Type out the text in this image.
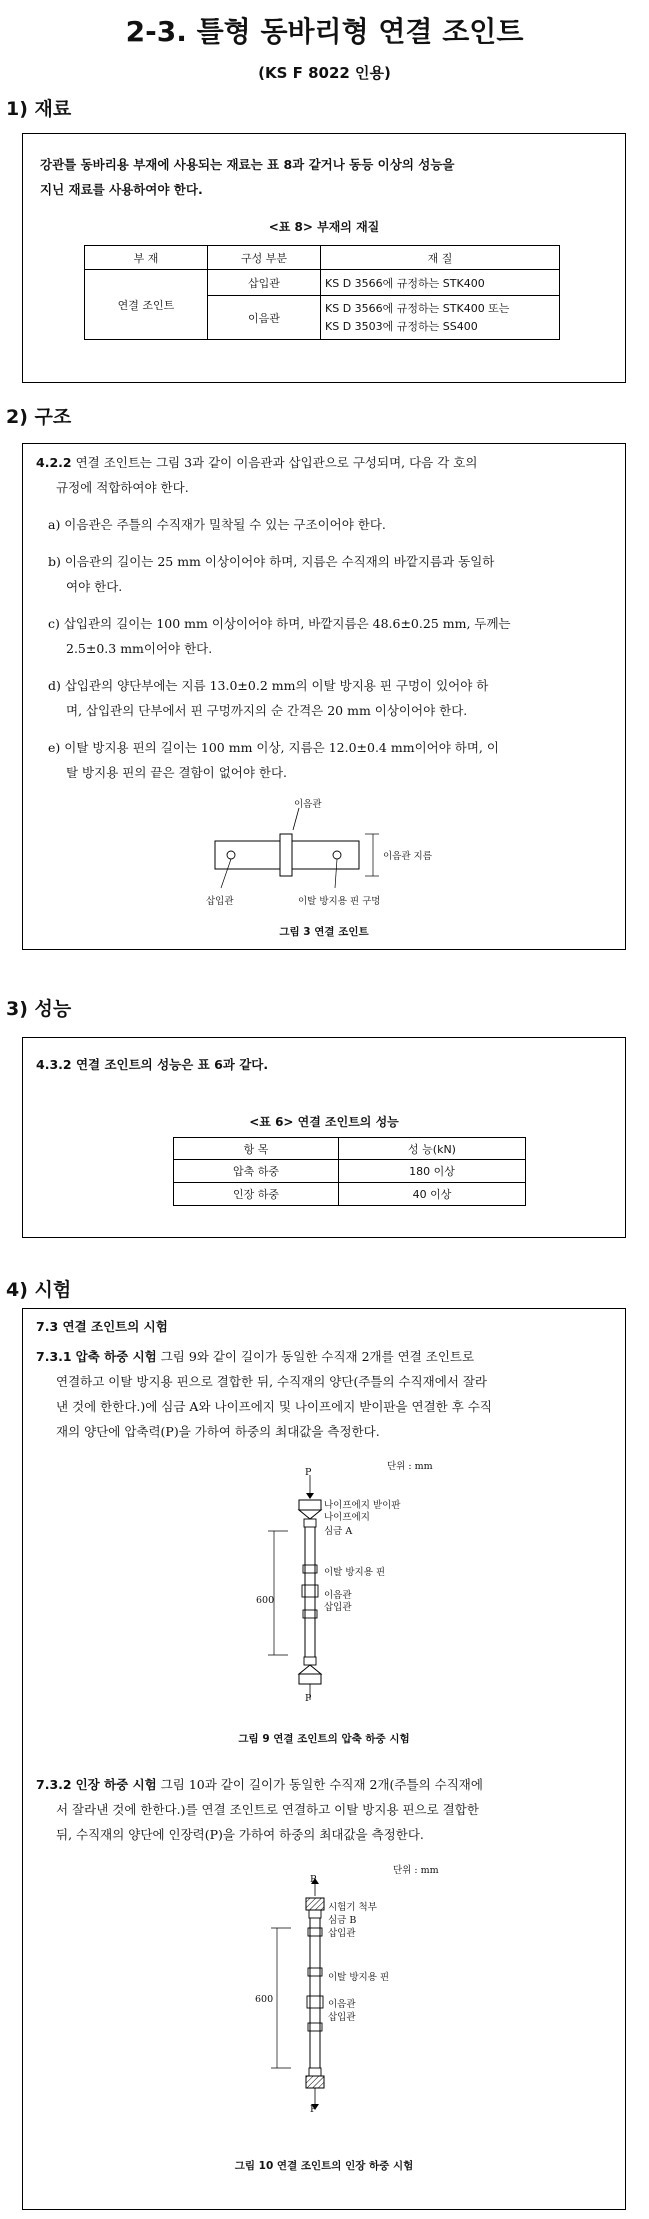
2-3. 틀형 동바리형 연결 조인트
(KS F 8022 인용)
1) 재료
강관틀 동바리용 부재에 사용되는 재료는 표 8과 같거나 동등 이상의 성능을
지닌 재료를 사용하여야 한다.
<표 8> 부재의 재질
부 재	구성 부분	재 질
연결 조인트	삽입관	KS D 3566에 규정하는 STK400
	이음관	KS D 3566에 규정하는 STK400 또는
KS D 3503에 규정하는 SS400
2) 구조
4.2.2 연결 조인트는 그림 3과 같이 이음관과 삽입관으로 구성되며, 다음 각 호의
규정에 적합하여야 한다.
a) 이음관은 주틀의 수직재가 밀착될 수 있는 구조이어야 한다.
b) 이음관의 길이는 25 mm 이상이어야 하며, 지름은 수직재의 바깥지름과 동일하
여야 한다.
c) 삽입관의 길이는 100 mm 이상이어야 하며, 바깥지름은 48.6±0.25 mm, 두께는
2.5±0.3 mm이어야 한다.
d) 삽입관의 양단부에는 지름 13.0±0.2 mm의 이탈 방지용 핀 구멍이 있어야 하
며, 삽입관의 단부에서 핀 구멍까지의 순 간격은 20 mm 이상이어야 한다.
e) 이탈 방지용 핀의 길이는 100 mm 이상, 지름은 12.0±0.4 mm이어야 하며, 이
탈 방지용 핀의 끝은 결함이 없어야 한다.
이음관
이음관 지름
삽입관	이탈 방지용 핀 구멍
그림 3 연결 조인트
3) 성능
4.3.2 연결 조인트의 성능은 표 6과 같다.
<표 6> 연결 조인트의 성능
항 목	성 능(kN)
압축 하중	180 이상
인장 하중	40 이상
4) 시험
7.3 연결 조인트의 시험
7.3.1 압축 하중 시험 그림 9와 같이 길이가 동일한 수직재 2개를 연결 조인트로
연결하고 이탈 방지용 핀으로 결합한 뒤, 수직재의 양단(주틀의 수직재에서 잘라
낸 것에 한한다.)에 심금 A와 나이프에지 및 나이프에지 받이판을 연결한 후 수직
재의 양단에 압축력(P)을 가하여 하중의 최대값을 측정한다.
단위 : mm
P
P
600
나이프에지 받이판
나이프에지
심금 A
이탈 방지용 핀
이음관
삽입관
그림 9 연결 조인트의 압축 하중 시험
7.3.2 인장 하중 시험 그림 10과 같이 길이가 동일한 수직재 2개(주틀의 수직재에
서 잘라낸 것에 한한다.)를 연결 조인트로 연결하고 이탈 방지용 핀으로 결합한
뒤, 수직재의 양단에 인장력(P)을 가하여 하중의 최대값을 측정한다.
단위 : mm
P
P
600
시험기 척부
심금 B
삽입관
이탈 방지용 핀
이음관
삽입관
그림 10 연결 조인트의 인장 하중 시험
